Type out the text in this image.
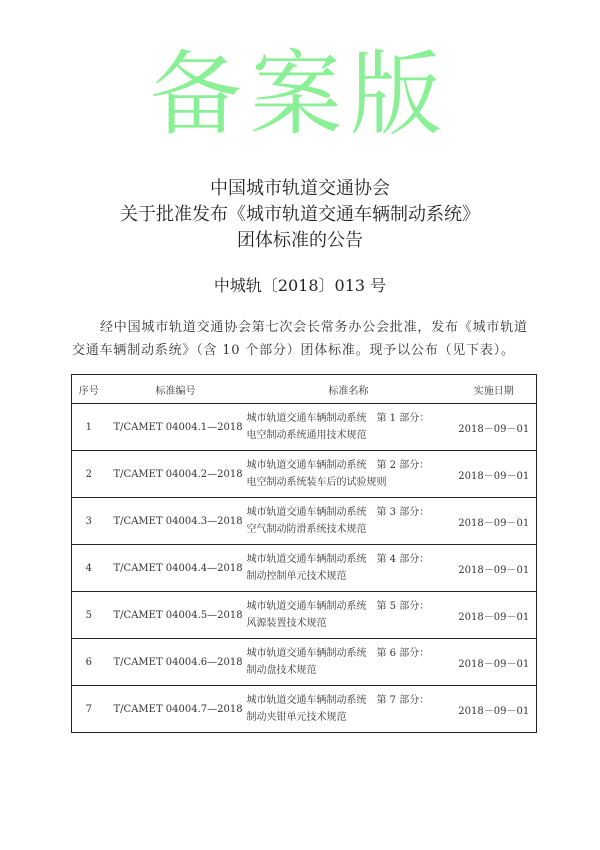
备案版
中国城市轨道交通协会
关于批准发布《城市轨道交通车辆制动系统》
团体标准的公告
中城轨〔2018〕013 号
经中国城市轨道交通协会第七次会长常务办公会批准，发布《城市轨道交通车辆制动系统》（含 10 个部分）团体标准。现予以公布（见下表）。
序号	标准编号	标准名称	实施日期
1	T/CAMET 04004.1—2018	城市轨道交通车辆制动系统　第 1 部分：
电空制动系统通用技术规范	2018－09－01
2	T/CAMET 04004.2—2018	城市轨道交通车辆制动系统　第 2 部分：
电空制动系统装车后的试验规则	2018－09－01
3	T/CAMET 04004.3—2018	城市轨道交通车辆制动系统　第 3 部分：
空气制动防滑系统技术规范	2018－09－01
4	T/CAMET 04004.4—2018	城市轨道交通车辆制动系统　第 4 部分：
制动控制单元技术规范	2018－09－01
5	T/CAMET 04004.5—2018	城市轨道交通车辆制动系统　第 5 部分：
风源装置技术规范	2018－09－01
6	T/CAMET 04004.6—2018	城市轨道交通车辆制动系统　第 6 部分：
制动盘技术规范	2018－09－01
7	T/CAMET 04004.7—2018	城市轨道交通车辆制动系统　第 7 部分：
制动夹钳单元技术规范	2018－09－01
